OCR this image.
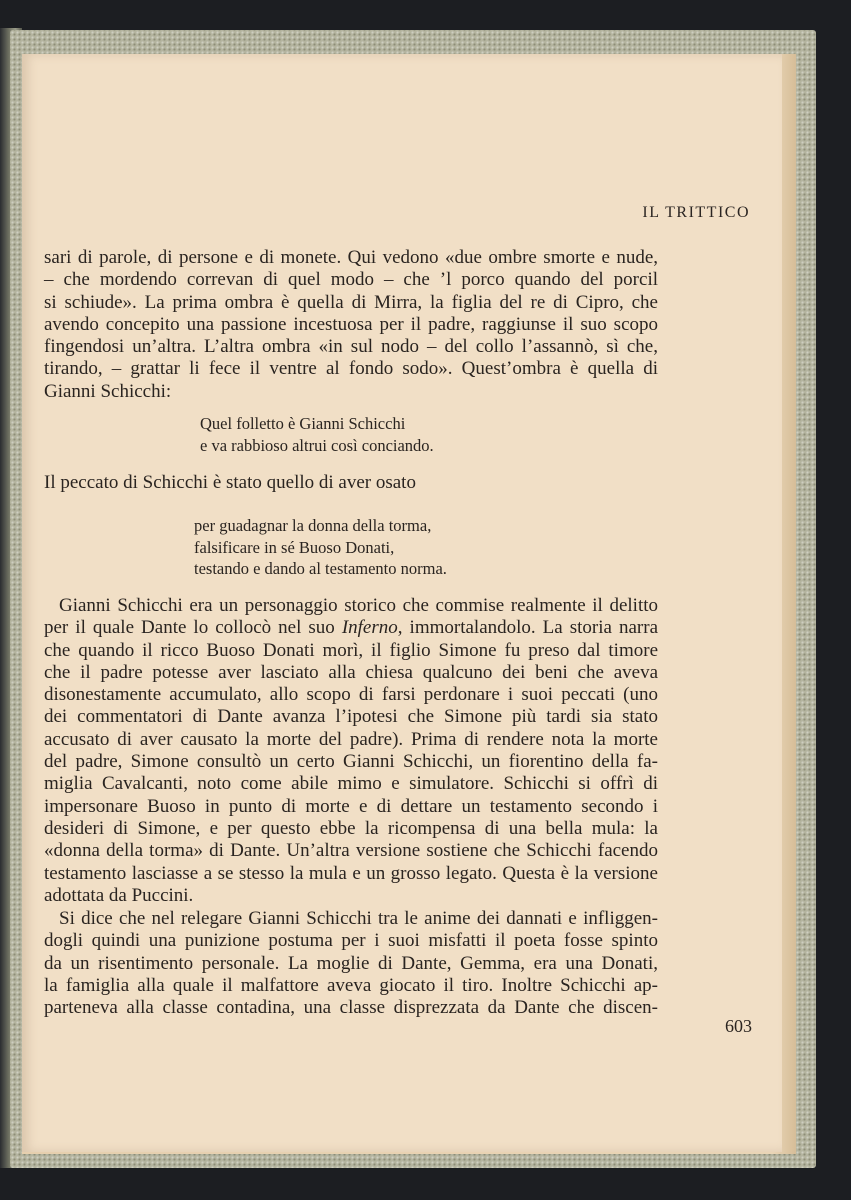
IL TRITTICO

sari di parole, di persone e di monete. Qui vedono «due ombre smorte e nude,
– che mordendo correvan di quel modo – che ’l porco quando del porcil
si schiude». La prima ombra è quella di Mirra, la figlia del re di Cipro, che
avendo concepito una passione incestuosa per il padre, raggiunse il suo scopo
fingendosi un’altra. L’altra ombra «in sul nodo – del collo l’assannò, sì che,
tirando, – grattar li fece il ventre al fondo sodo». Quest’ombra è quella di
Gianni Schicchi:

Quel folletto è Gianni Schicchi
e va rabbioso altrui così conciando.

Il peccato di Schicchi è stato quello di aver osato

per guadagnar la donna della torma,
falsificare in sé Buoso Donati,
testando e dando al testamento norma.

Gianni Schicchi era un personaggio storico che commise realmente il delitto
per il quale Dante lo collocò nel suo Inferno, immortalandolo. La storia narra
che quando il ricco Buoso Donati morì, il figlio Simone fu preso dal timore
che il padre potesse aver lasciato alla chiesa qualcuno dei beni che aveva
disonestamente accumulato, allo scopo di farsi perdonare i suoi peccati (uno
dei commentatori di Dante avanza l’ipotesi che Simone più tardi sia stato
accusato di aver causato la morte del padre). Prima di rendere nota la morte
del padre, Simone consultò un certo Gianni Schicchi, un fiorentino della fa-
miglia Cavalcanti, noto come abile mimo e simulatore. Schicchi si offrì di
impersonare Buoso in punto di morte e di dettare un testamento secondo i
desideri di Simone, e per questo ebbe la ricompensa di una bella mula: la
«donna della torma» di Dante. Un’altra versione sostiene che Schicchi facendo
testamento lasciasse a se stesso la mula e un grosso legato. Questa è la versione
adottata da Puccini.

Si dice che nel relegare Gianni Schicchi tra le anime dei dannati e infliggen-
dogli quindi una punizione postuma per i suoi misfatti il poeta fosse spinto
da un risentimento personale. La moglie di Dante, Gemma, era una Donati,
la famiglia alla quale il malfattore aveva giocato il tiro. Inoltre Schicchi ap-
parteneva alla classe contadina, una classe disprezzata da Dante che discen-

603
